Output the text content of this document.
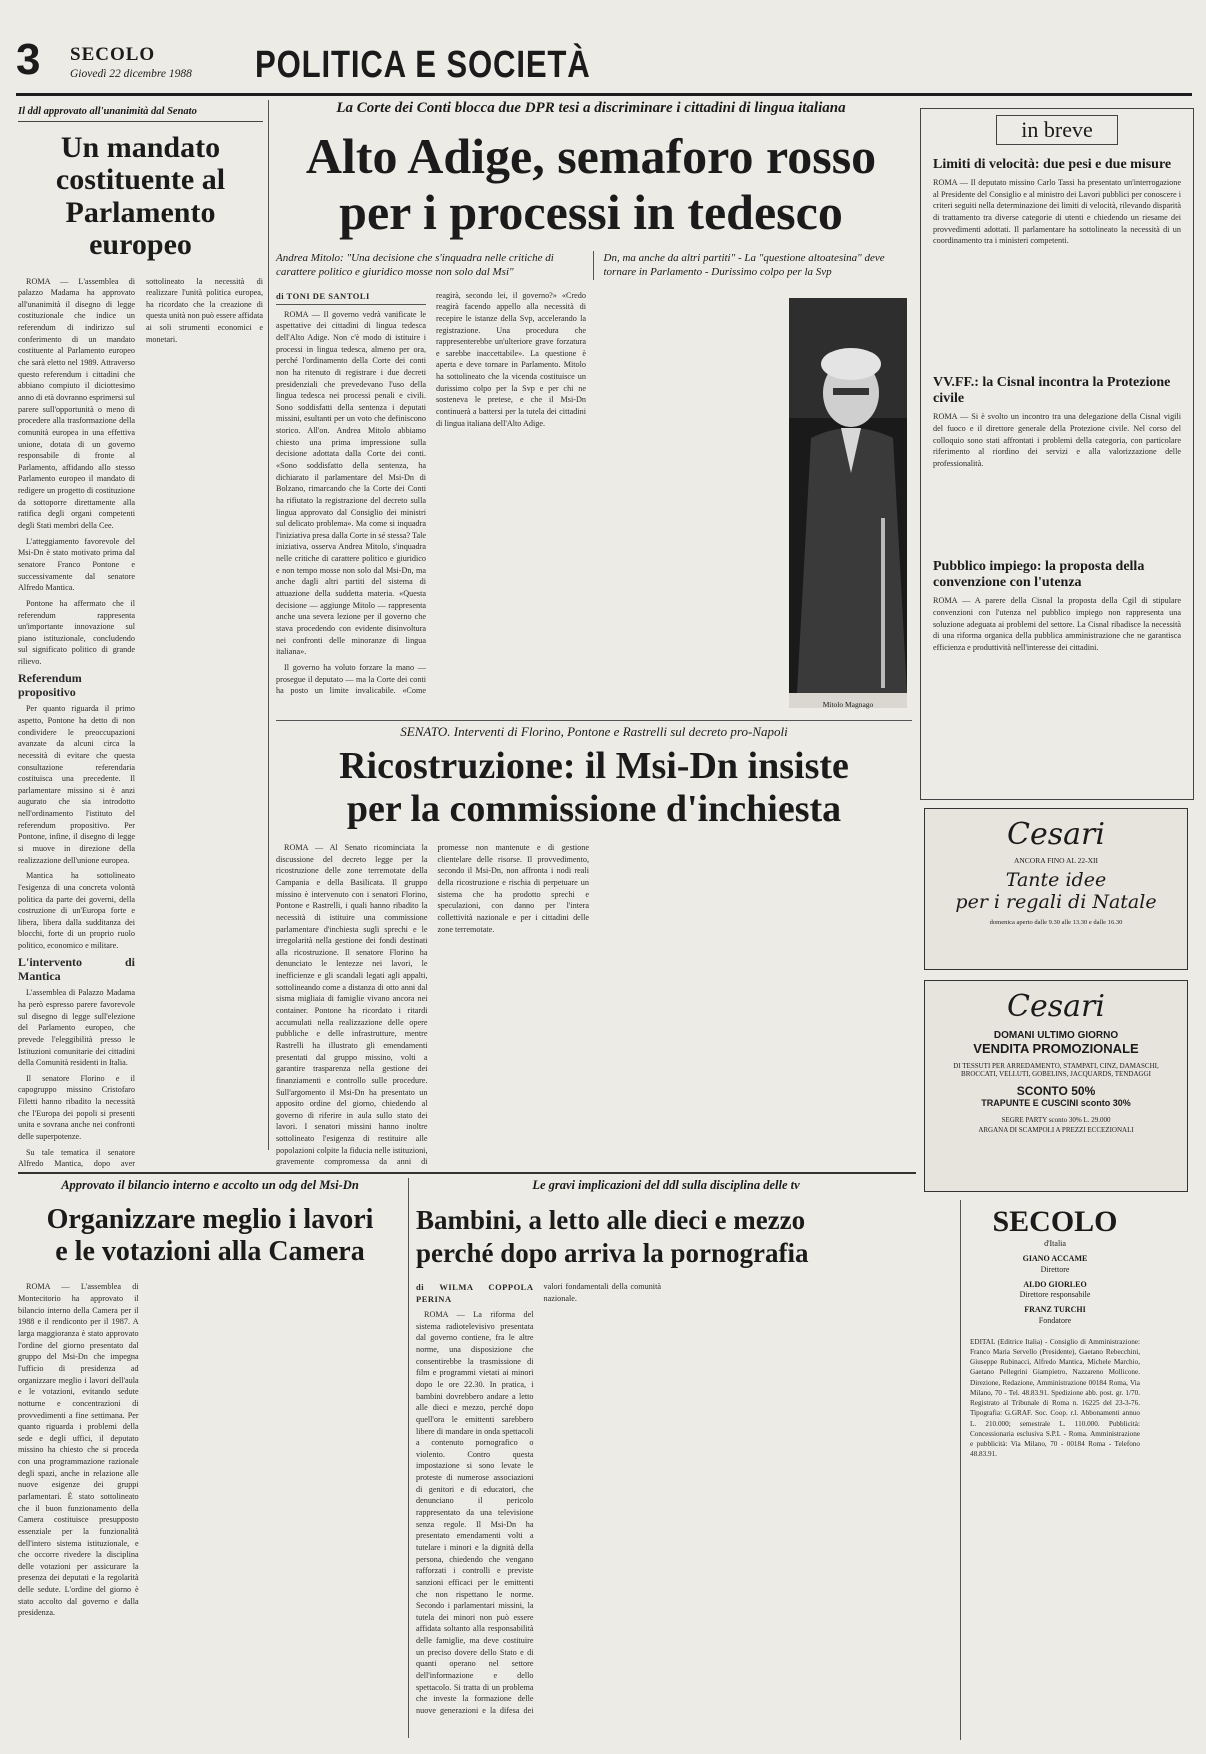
3 SECOLO
Giovedì 22 dicembre 1988 POLITICA E SOCIETÀ
Il ddl approvato all'unanimità dal Senato
Un mandato costituente al Parlamento europeo

ROMA — L'assemblea di palazzo Madama ha approvato all'unanimità il disegno di legge costituzionale che indice un referendum di indirizzo sul conferimento di un mandato costituente al Parlamento europeo che sarà eletto nel 1989. Attraverso questo referendum i cittadini che abbiano compiuto il diciottesimo anno di età dovranno esprimersi sul parere sull'opportunità o meno di procedere alla trasformazione della comunità europea in una effettiva unione, dotata di un governo responsabile di fronte al Parlamento, affidando allo stesso Parlamento europeo il mandato di redigere un progetto di costituzione da sottoporre direttamente alla ratifica degli organi competenti degli Stati membri della Cee.

L'atteggiamento favorevole del Msi-Dn è stato motivato prima dal senatore Franco Pontone e successivamente dal senatore Alfredo Mantica.

Pontone ha affermato che il referendum rappresenta un'importante innovazione sul piano istituzionale, concludendo sul significato politico di grande rilievo.

Referendum propositivo

Per quanto riguarda il primo aspetto, Pontone ha detto di non condividere le preoccupazioni avanzate da alcuni circa la necessità di evitare che questa consultazione referendaria costituisca una precedente. Il parlamentare missino si è anzi augurato che sia introdotto nell'ordinamento l'istituto del referendum propositivo. Per Pontone, infine, il disegno di legge si muove in direzione della realizzazione dell'unione europea.

Mantica ha sottolineato l'esigenza di una concreta volontà politica da parte dei governi, della costruzione di un'Europa forte e libera, libera dalla sudditanza dei blocchi, forte di un proprio ruolo politico, economico e militare.

L'intervento di Mantica

L'assemblea di Palazzo Madama ha però espresso parere favorevole sul disegno di legge sull'elezione del Parlamento europeo, che prevede l'eleggibilità presso le Istituzioni comunitarie dei cittadini della Comunità residenti in Italia.

Il senatore Florino e il capogruppo missino Cristofaro Filetti hanno ribadito la necessità che l'Europa dei popoli si presenti unita e sovrana anche nei confronti delle superpotenze.

Su tale tematica il senatore Alfredo Mantica, dopo aver sottolineato la necessità di realizzare l'unità politica europea, ha ricordato che la creazione di questa unità non può essere affidata ai soli strumenti economici e monetari.

La Corte dei Conti blocca due DPR tesi a discriminare i cittadini di lingua italiana
Alto Adige, semaforo rosso
per i processi in tedesco
Andrea Mitolo: "Una decisione che s'inquadra nelle critiche di carattere politico e giuridico mosse non solo dal Msi"
Dn, ma anche da altri partiti" - La "questione altoatesina" deve tornare in Parlamento - Durissimo colpo per la Svp
di TONI DE SANTOLI

ROMA — Il governo vedrà vanificate le aspettative dei cittadini di lingua tedesca dell'Alto Adige. Non c'è modo di istituire i processi in lingua tedesca, almeno per ora, perché l'ordinamento della Corte dei conti non ha ritenuto di registrare i due decreti presidenziali che prevedevano l'uso della lingua tedesca nei processi penali e civili. Sono soddisfatti della sentenza i deputati missini, esultanti per un voto che definiscono storico. All'on. Andrea Mitolo abbiamo chiesto una prima impressione sulla decisione adottata dalla Corte dei conti. «Sono soddisfatto della sentenza, ha dichiarato il parlamentare del Msi-Dn di Bolzano, rimarcando che la Corte dei Conti ha rifiutato la registrazione del decreto sulla lingua approvato dal Consiglio dei ministri sul delicato problema». Ma come si inquadra l'iniziativa presa dalla Corte in sé stessa? Tale iniziativa, osserva Andrea Mitolo, s'inquadra nelle critiche di carattere politico e giuridico e non tempo mosse non solo dal Msi-Dn, ma anche dagli altri partiti del sistema di attuazione della suddetta materia. «Questa decisione — aggiunge Mitolo — rappresenta anche una severa lezione per il governo che stava procedendo con evidente disinvoltura nei confronti delle minoranze di lingua italiana».

Il governo ha voluto forzare la mano — prosegue il deputato — ma la Corte dei conti ha posto un limite invalicabile. «Come reagirà, secondo lei, il governo?» «Credo reagirà facendo appello alla necessità di recepire le istanze della Svp, accelerando la registrazione. Una procedura che rappresenterebbe un'ulteriore grave forzatura e sarebbe inaccettabile». La questione è aperta e deve tornare in Parlamento. Mitolo ha sottolineato che la vicenda costituisce un durissimo colpo per la Svp e per chi ne sosteneva le pretese, e che il Msi-Dn continuerà a battersi per la tutela dei cittadini di lingua italiana dell'Alto Adige.

Mitolo Magnago
SENATO. Interventi di Florino, Pontone e Rastrelli sul decreto pro-Napoli
Ricostruzione: il Msi-Dn insiste
per la commissione d'inchiesta

ROMA — Al Senato ricominciata la discussione del decreto legge per la ricostruzione delle zone terremotate della Campania e della Basilicata. Il gruppo missino è intervenuto con i senatori Florino, Pontone e Rastrelli, i quali hanno ribadito la necessità di istituire una commissione parlamentare d'inchiesta sugli sprechi e le irregolarità nella gestione dei fondi destinati alla ricostruzione. Il senatore Florino ha denunciato le lentezze nei lavori, le inefficienze e gli scandali legati agli appalti, sottolineando come a distanza di otto anni dal sisma migliaia di famiglie vivano ancora nei container. Pontone ha ricordato i ritardi accumulati nella realizzazione delle opere pubbliche e delle infrastrutture, mentre Rastrelli ha illustrato gli emendamenti presentati dal gruppo missino, volti a garantire trasparenza nella gestione dei finanziamenti e controllo sulle procedure. Sull'argomento il Msi-Dn ha presentato un apposito ordine del giorno, chiedendo al governo di riferire in aula sullo stato dei lavori. I senatori missini hanno inoltre sottolineato l'esigenza di restituire alle popolazioni colpite la fiducia nelle istituzioni, gravemente compromessa da anni di promesse non mantenute e di gestione clientelare delle risorse. Il provvedimento, secondo il Msi-Dn, non affronta i nodi reali della ricostruzione e rischia di perpetuare un sistema che ha prodotto sprechi e speculazioni, con danno per l'intera collettività nazionale e per i cittadini delle zone terremotate.

in breve
Limiti di velocità: due pesi e due misure
ROMA — Il deputato missino Carlo Tassi ha presentato un'interrogazione al Presidente del Consiglio e al ministro dei Lavori pubblici per conoscere i criteri seguiti nella determinazione dei limiti di velocità, rilevando disparità di trattamento tra diverse categorie di utenti e chiedendo un riesame dei provvedimenti adottati. Il parlamentare ha sottolineato la necessità di un coordinamento tra i ministeri competenti.
VV.FF.: la Cisnal incontra la Protezione civile
ROMA — Si è svolto un incontro tra una delegazione della Cisnal vigili del fuoco e il direttore generale della Protezione civile. Nel corso del colloquio sono stati affrontati i problemi della categoria, con particolare riferimento al riordino dei servizi e alla valorizzazione delle professionalità.
Pubblico impiego: la proposta della convenzione con l'utenza
ROMA — A parere della Cisnal la proposta della Cgil di stipulare convenzioni con l'utenza nel pubblico impiego non rappresenta una soluzione adeguata ai problemi del settore. La Cisnal ribadisce la necessità di una riforma organica della pubblica amministrazione che ne garantisca efficienza e produttività nell'interesse dei cittadini.
Cesari
ANCORA FINO AL 22-XII
Tante idee
per i regali di Natale
domenica aperto dalle 9.30 alle 13.30 e dalle 16.30
Cesari
DOMANI ULTIMO GIORNO
VENDITA PROMOZIONALE
DI TESSUTI PER ARREDAMENTO, STAMPATI, CINZ, DAMASCHI, BROCCATI, VELLUTI, GOBELINS, JACQUARDS, TENDAGGI
SCONTO 50%
TRAPUNTE E CUSCINI sconto 30%
SEGRE PARTY sconto 30% L. 29.000
ARGANA DI SCAMPOLI A PREZZI ECCEZIONALI
SECOLO
d'Italia
GIANO ACCAME
Direttore
ALDO GIORLEO
Direttore responsabile
FRANZ TURCHI
Fondatore
EDITAL (Editrice Italia) - Consiglio di Amministrazione: Franco Maria Servello (Presidente), Gaetano Rebecchini, Giuseppe Rubinacci, Alfredo Mantica, Michele Marchio, Gaetano Pellegrini Giampietro, Nazzareno Mollicone. Direzione, Redazione, Amministrazione 00184 Roma, Via Milano, 70 - Tel. 48.83.91. Spedizione abb. post. gr. 1/70. Registrato al Tribunale di Roma n. 16225 del 23-3-76. Tipografia: G.GRAF. Soc. Coop. r.l. Abbonamenti annuo L. 210.000; semestrale L. 110.000. Pubblicità: Concessionaria esclusiva S.P.I. - Roma. Amministrazione e pubblicità: Via Milano, 70 - 00184 Roma - Telefono 48.83.91.
Approvato il bilancio interno e accolto un odg del Msi-Dn
Organizzare meglio i lavori
e le votazioni alla Camera

ROMA — L'assemblea di Montecitorio ha approvato il bilancio interno della Camera per il 1988 e il rendiconto per il 1987. A larga maggioranza è stato approvato l'ordine del giorno presentato dal gruppo del Msi-Dn che impegna l'ufficio di presidenza ad organizzare meglio i lavori dell'aula e le votazioni, evitando sedute notturne e concentrazioni di provvedimenti a fine settimana. Per quanto riguarda i problemi della sede e degli uffici, il deputato missino ha chiesto che si proceda con una programmazione razionale degli spazi, anche in relazione alle nuove esigenze dei gruppi parlamentari. È stato sottolineato che il buon funzionamento della Camera costituisce presupposto essenziale per la funzionalità dell'intero sistema istituzionale, e che occorre rivedere la disciplina delle votazioni per assicurare la presenza dei deputati e la regolarità delle sedute. L'ordine del giorno è stato accolto dal governo e dalla presidenza.

Le gravi implicazioni del ddl sulla disciplina delle tv
Bambini, a letto alle dieci e mezzo
perché dopo arriva la pornografia
di WILMA COPPOLA PERINA

ROMA — La riforma del sistema radiotelevisivo presentata dal governo contiene, fra le altre norme, una disposizione che consentirebbe la trasmissione di film e programmi vietati ai minori dopo le ore 22.30. In pratica, i bambini dovrebbero andare a letto alle dieci e mezzo, perché dopo quell'ora le emittenti sarebbero libere di mandare in onda spettacoli a contenuto pornografico o violento. Contro questa impostazione si sono levate le proteste di numerose associazioni di genitori e di educatori, che denunciano il pericolo rappresentato da una televisione senza regole. Il Msi-Dn ha presentato emendamenti volti a tutelare i minori e la dignità della persona, chiedendo che vengano rafforzati i controlli e previste sanzioni efficaci per le emittenti che non rispettano le norme. Secondo i parlamentari missini, la tutela dei minori non può essere affidata soltanto alla responsabilità delle famiglie, ma deve costituire un preciso dovere dello Stato e di quanti operano nel settore dell'informazione e dello spettacolo. Si tratta di un problema che investe la formazione delle nuove generazioni e la difesa dei valori fondamentali della comunità nazionale.
